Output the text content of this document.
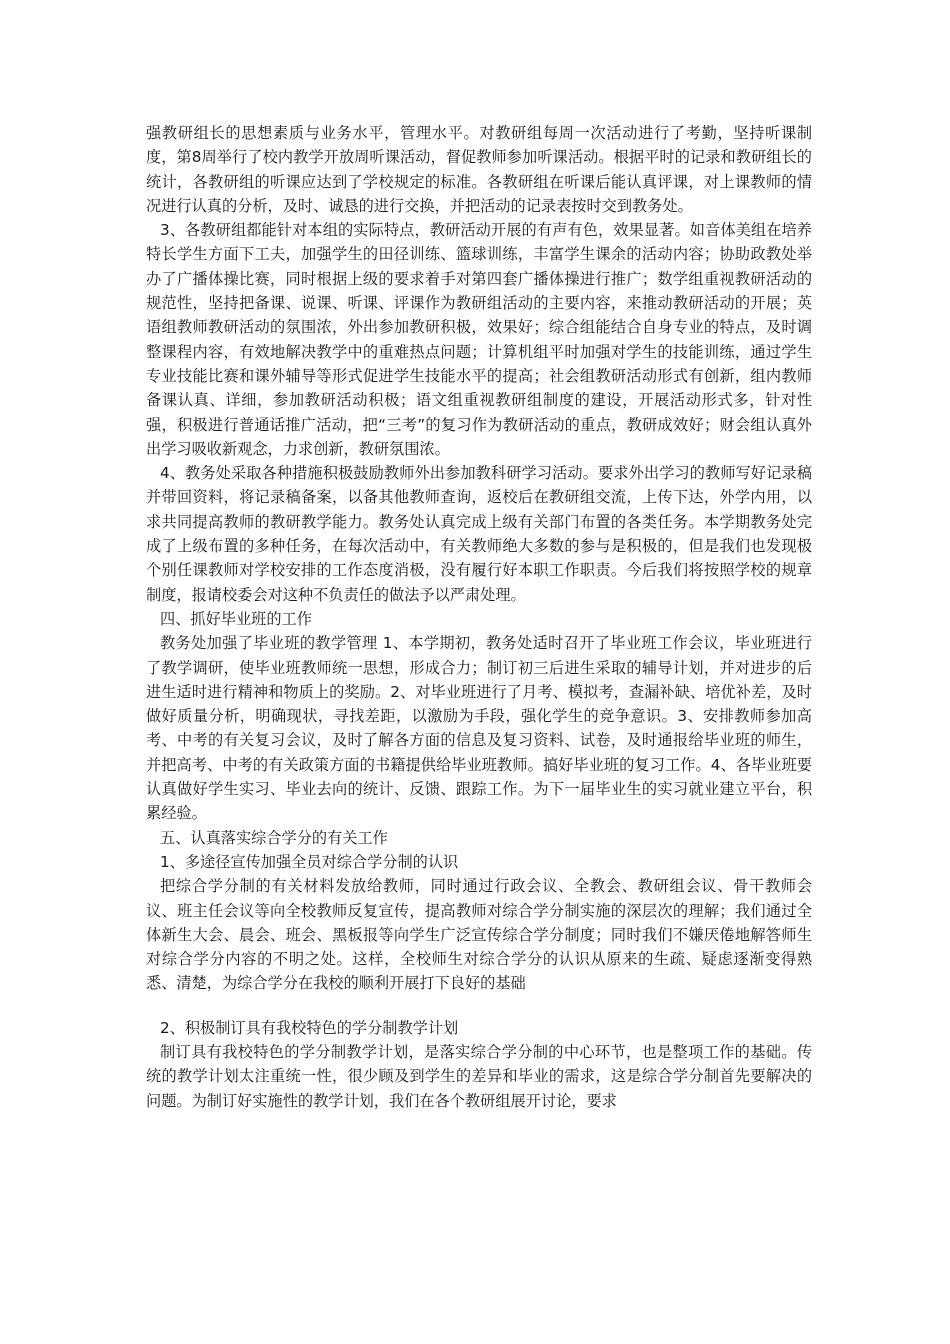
强教研组长的思想素质与业务水平，管理水平。对教研组每周一次活动进行了考勤，坚持听课制度，第8周举行了校内教学开放周听课活动，督促教师参加听课活动。根据平时的记录和教研组长的统计，各教研组的听课应达到了学校规定的标准。各教研组在听课后能认真评课，对上课教师的情况进行认真的分析，及时、诚恳的进行交换，并把活动的记录表按时交到教务处。

3、各教研组都能针对本组的实际特点，教研活动开展的有声有色，效果显著。如音体美组在培养特长学生方面下工夫，加强学生的田径训练、篮球训练，丰富学生课余的活动内容；协助政教处举办了广播体操比赛，同时根据上级的要求着手对第四套广播体操进行推广；数学组重视教研活动的规范性，坚持把备课、说课、听课、评课作为教研组活动的主要内容，来推动教研活动的开展；英语组教师教研活动的氛围浓，外出参加教研积极，效果好；综合组能结合自身专业的特点，及时调整课程内容，有效地解决教学中的重难热点问题；计算机组平时加强对学生的技能训练，通过学生专业技能比赛和课外辅导等形式促进学生技能水平的提高；社会组教研活动形式有创新，组内教师备课认真、详细，参加教研活动积极；语文组重视教研组制度的建设，开展活动形式多，针对性强，积极进行普通话推广活动，把“三考”的复习作为教研活动的重点，教研成效好；财会组认真外出学习吸收新观念，力求创新，教研氛围浓。

4、教务处采取各种措施积极鼓励教师外出参加教科研学习活动。要求外出学习的教师写好记录稿并带回资料，将记录稿备案，以备其他教师查询，返校后在教研组交流，上传下达，外学内用，以求共同提高教师的教研教学能力。教务处认真完成上级有关部门布置的各类任务。本学期教务处完成了上级布置的多种任务，在每次活动中，有关教师绝大多数的参与是积极的，但是我们也发现极个别任课教师对学校安排的工作态度消极，没有履行好本职工作职责。今后我们将按照学校的规章制度，报请校委会对这种不负责任的做法予以严肃处理。

四、抓好毕业班的工作

教务处加强了毕业班的教学管理 1、本学期初，教务处适时召开了毕业班工作会议，毕业班进行了教学调研，使毕业班教师统一思想，形成合力；制订初三后进生采取的辅导计划，并对进步的后进生适时进行精神和物质上的奖励。2、对毕业班进行了月考、模拟考，查漏补缺、培优补差，及时做好质量分析，明确现状，寻找差距，以激励为手段，强化学生的竞争意识。3、安排教师参加高考、中考的有关复习会议，及时了解各方面的信息及复习资料、试卷，及时通报给毕业班的师生，并把高考、中考的有关政策方面的书籍提供给毕业班教师。搞好毕业班的复习工作。4、各毕业班要认真做好学生实习、毕业去向的统计、反馈、跟踪工作。为下一届毕业生的实习就业建立平台，积累经验。

五、认真落实综合学分的有关工作

1、多途径宣传加强全员对综合学分制的认识

把综合学分制的有关材料发放给教师，同时通过行政会议、全教会、教研组会议、骨干教师会议、班主任会议等向全校教师反复宣传，提高教师对综合学分制实施的深层次的理解；我们通过全体新生大会、晨会、班会、黑板报等向学生广泛宣传综合学分制度；同时我们不嫌厌倦地解答师生对综合学分内容的不明之处。这样，全校师生对综合学分的认识从原来的生疏、疑虑逐渐变得熟悉、清楚，为综合学分在我校的顺利开展打下良好的基础

2、积极制订具有我校特色的学分制教学计划

制订具有我校特色的学分制教学计划，是落实综合学分制的中心环节，也是整项工作的基础。传统的教学计划太注重统一性，很少顾及到学生的差异和毕业的需求，这是综合学分制首先要解决的问题。为制订好实施性的教学计划，我们在各个教研组展开讨论，要求
